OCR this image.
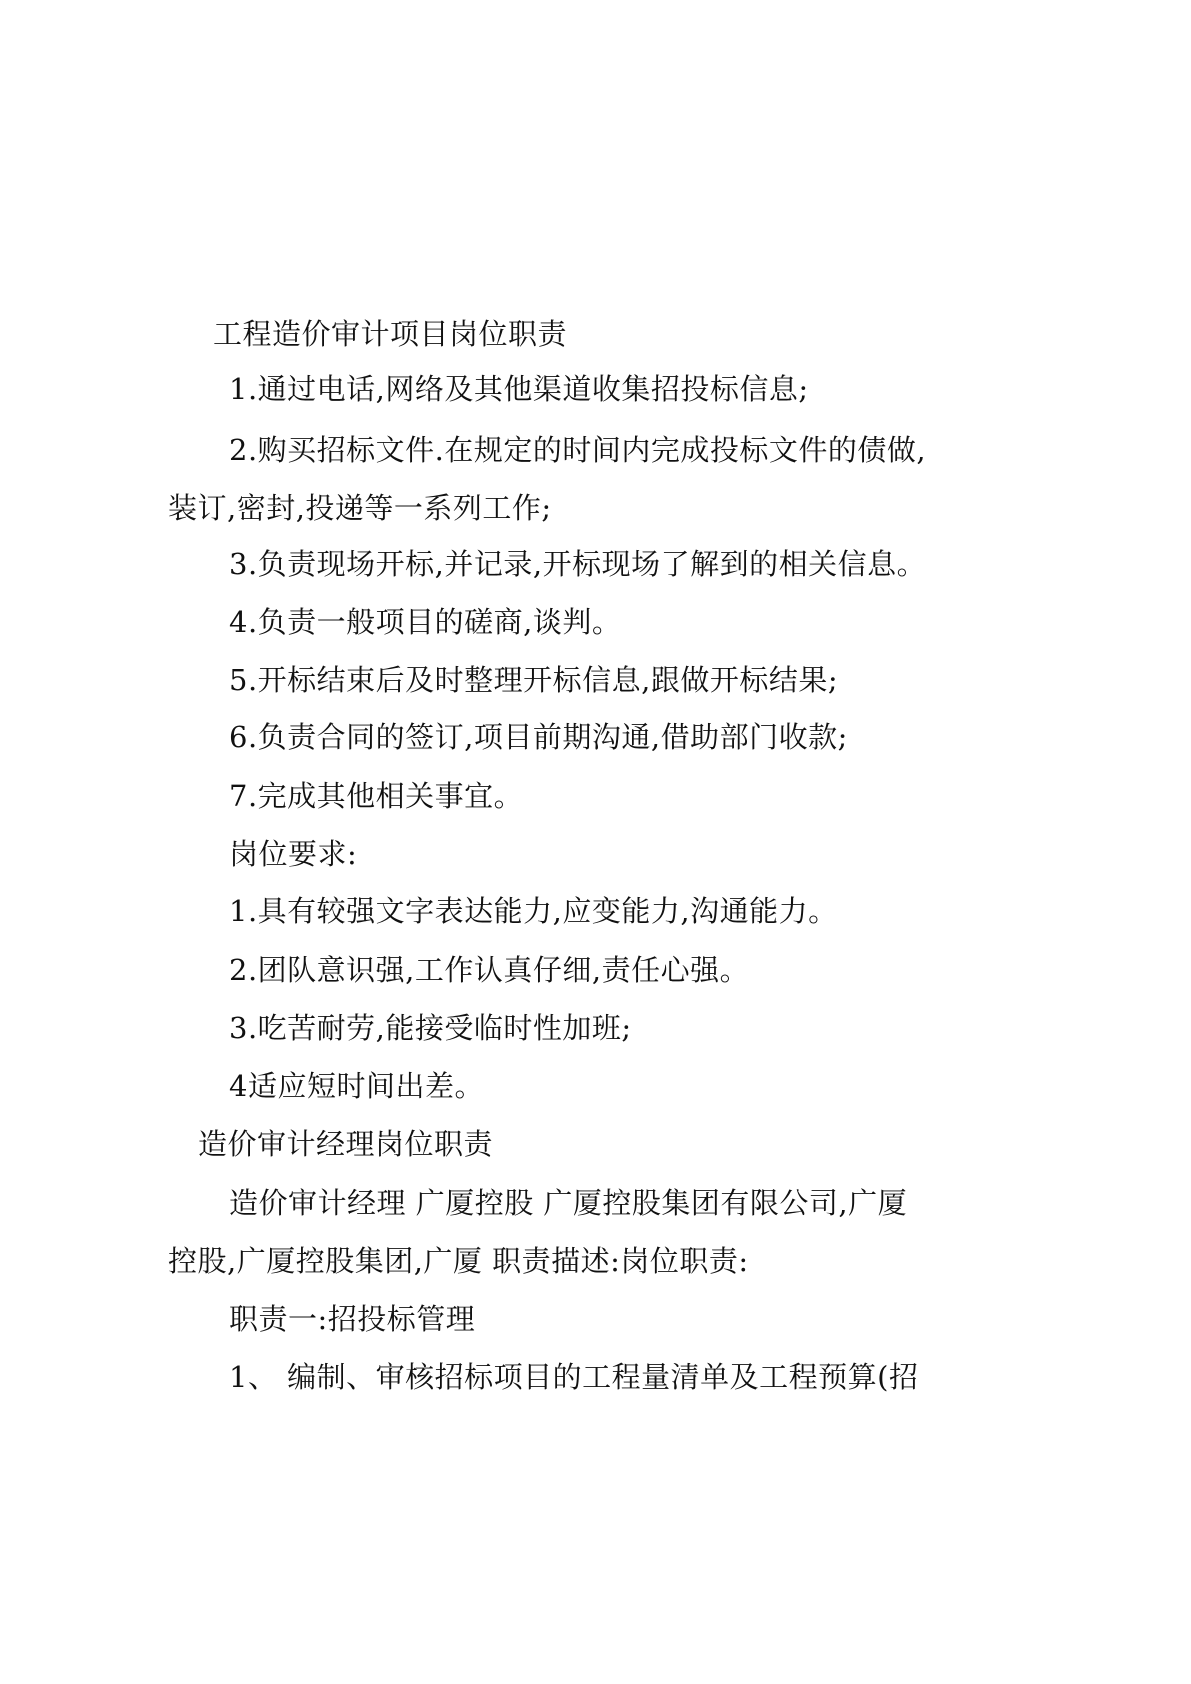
工程造价审计项目岗位职责
1.通过电话,网络及其他渠道收集招投标信息;
2.购买招标文件.在规定的时间内完成投标文件的债做,
装订,密封,投递等一系列工作;
3.负责现场开标,并记录,开标现场了解到的相关信息。
4.负责一般项目的磋商,谈判。
5.开标结束后及时整理开标信息,跟做开标结果;
6.负责合同的签订,项目前期沟通,借助部门收款;
7.完成其他相关事宜。
岗位要求:
1.具有较强文字表达能力,应变能力,沟通能力。
2.团队意识强,工作认真仔细,责任心强。
3.吃苦耐劳,能接受临时性加班;
4适应短时间出差。
造价审计经理岗位职责
造价审计经理 广厦控股 广厦控股集团有限公司,广厦
控股,广厦控股集团,广厦 职责描述:岗位职责:
职责一:招投标管理
1、 编制、审核招标项目的工程量清单及工程预算(招
